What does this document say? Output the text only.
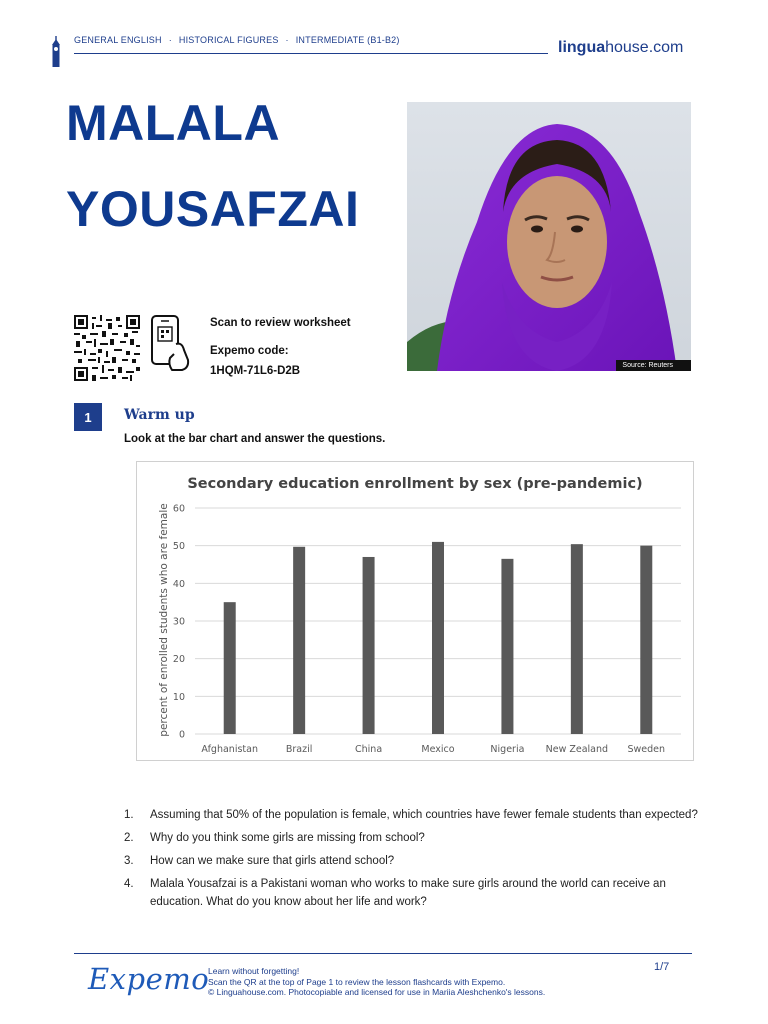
GENERAL ENGLISH · HISTORICAL FIGURES · INTERMEDIATE (B1-B2)	linguahouse.com
MALALA
YOUSAFZAI
Source: Reuters
Scan to review worksheet
Expemo code:
1HQM-71L6-D2B
1	Warm up
Look at the bar chart and answer the questions.
Secondary education enrollment by sex (pre-pandemic)
percent of enrolled students who are female 0
10
20
30
40
50
60
Afghanistan	Brazil	China	Mexico	Nigeria New Zealand Sweden
1. Assuming that 50% of the population is female, which countries have fewer female students than expected?
2. Why do you think some girls are missing from school?
3. How can we make sure that girls attend school?
4. Malala Yousafzai is a Pakistani woman who works to make sure girls around the world can receive an education. What do you know about her life and work?
Expemo
Learn without forgetting!
Scan the QR at the top of Page 1 to review the lesson flashcards with Expemo.
© Linguahouse.com. Photocopiable and licensed for use in Mariia Aleshchenko's lessons.
1/7
